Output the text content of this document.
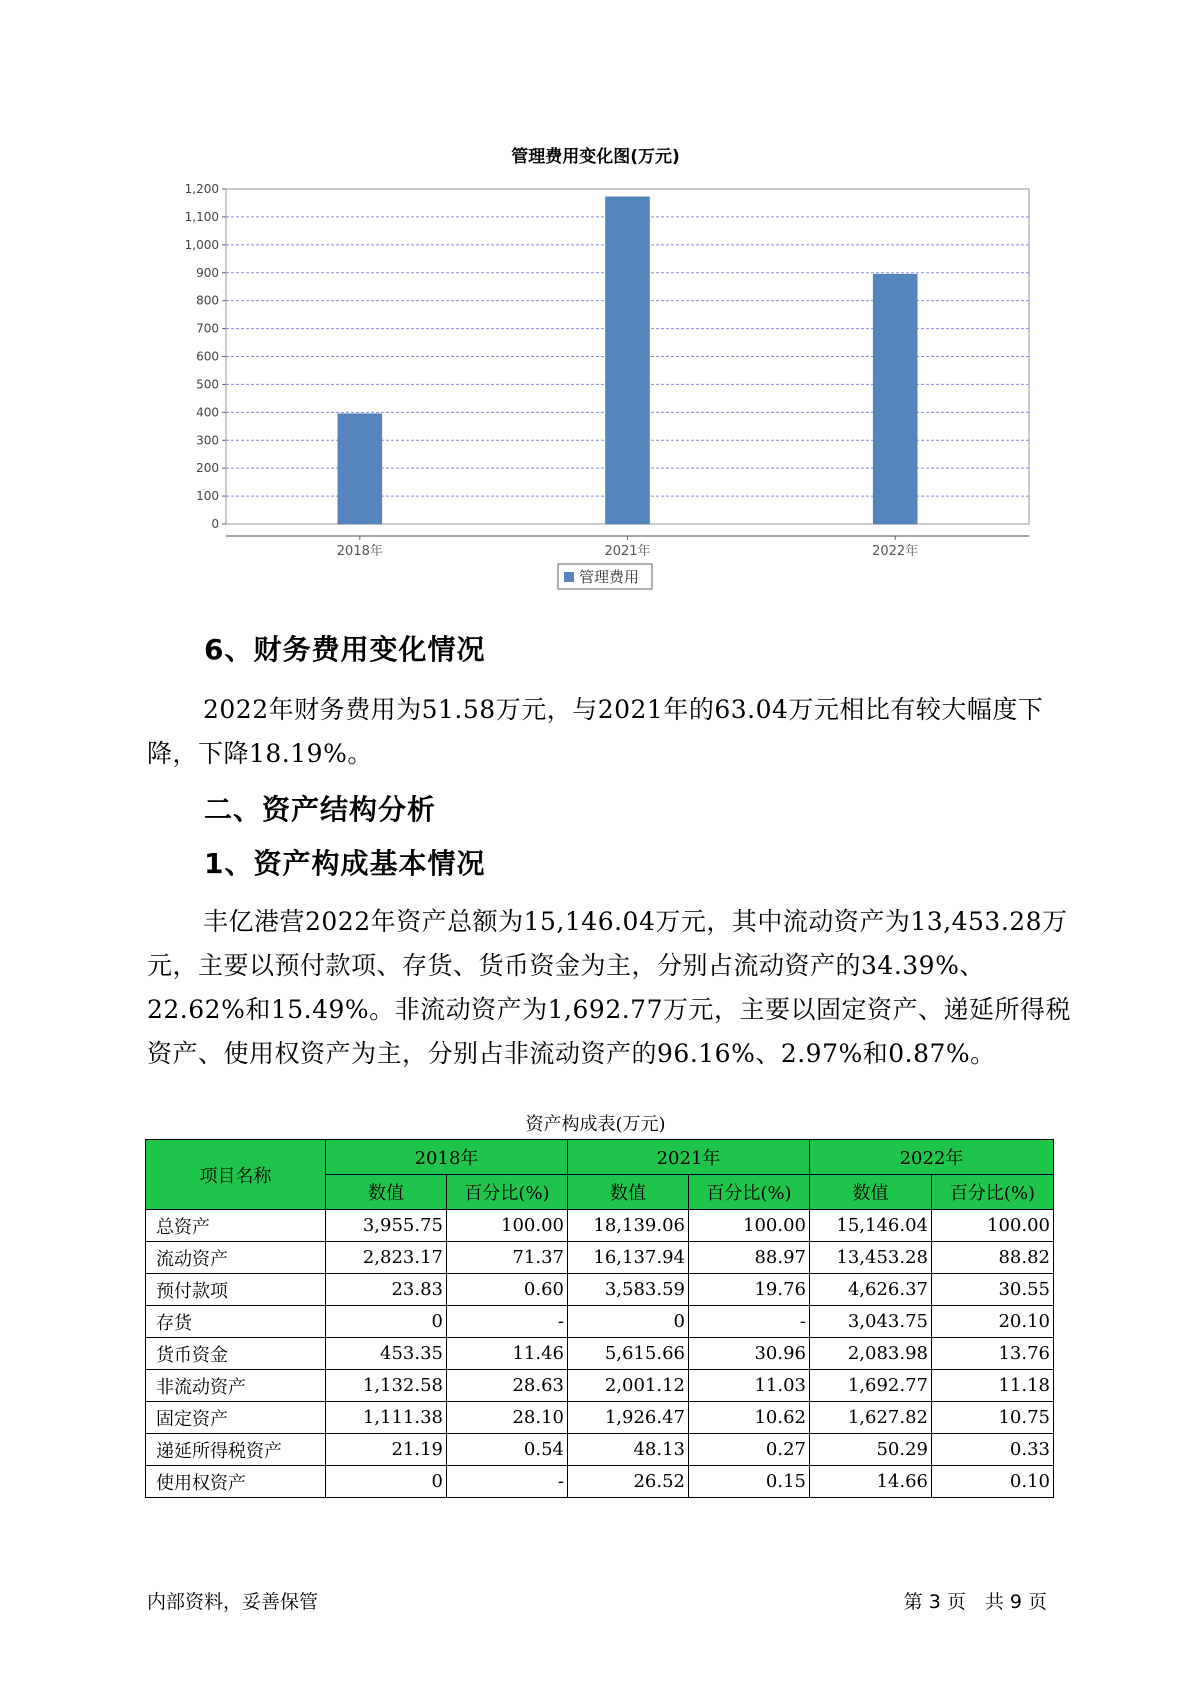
管理费用变化图(万元)
0
100
200
300
400
500
600
700
800
900
1,000
1,100
1,200
2018年	2021年	2022年
管理费用
6、财务费用变化情况
2022年财务费用为51.58万元，与2021年的63.04万元相比有较大幅度下降，下降18.19%。
二、资产结构分析
1、资产构成基本情况
丰亿港营2022年资产总额为15,146.04万元，其中流动资产为13,453.28万元，主要以预付款项、存货、货币资金为主，分别占流动资产的34.39%、22.62%和15.49%。非流动资产为1,692.77万元，主要以固定资产、递延所得税资产、使用权资产为主，分别占非流动资产的96.16%、2.97%和0.87%。
资产构成表(万元)
项目名称	2018年		2021年		2022年	
	数值	百分比(%)	数值	百分比(%)	数值	百分比(%)
总资产	3,955.75	100.00	18,139.06	100.00	15,146.04	100.00
流动资产	2,823.17	71.37	16,137.94	88.97	13,453.28	88.82
预付款项	23.83	0.60	3,583.59	19.76	4,626.37	30.55
存货	0	-	0	-	3,043.75	20.10
货币资金	453.35	11.46	5,615.66	30.96	2,083.98	13.76
非流动资产	1,132.58	28.63	2,001.12	11.03	1,692.77	11.18
固定资产	1,111.38	28.10	1,926.47	10.62	1,627.82	10.75
递延所得税资产	21.19	0.54	48.13	0.27	50.29	0.33
使用权资产	0	-	26.52	0.15	14.66	0.10
内部资料，妥善保管	第 3 页　共 9 页
